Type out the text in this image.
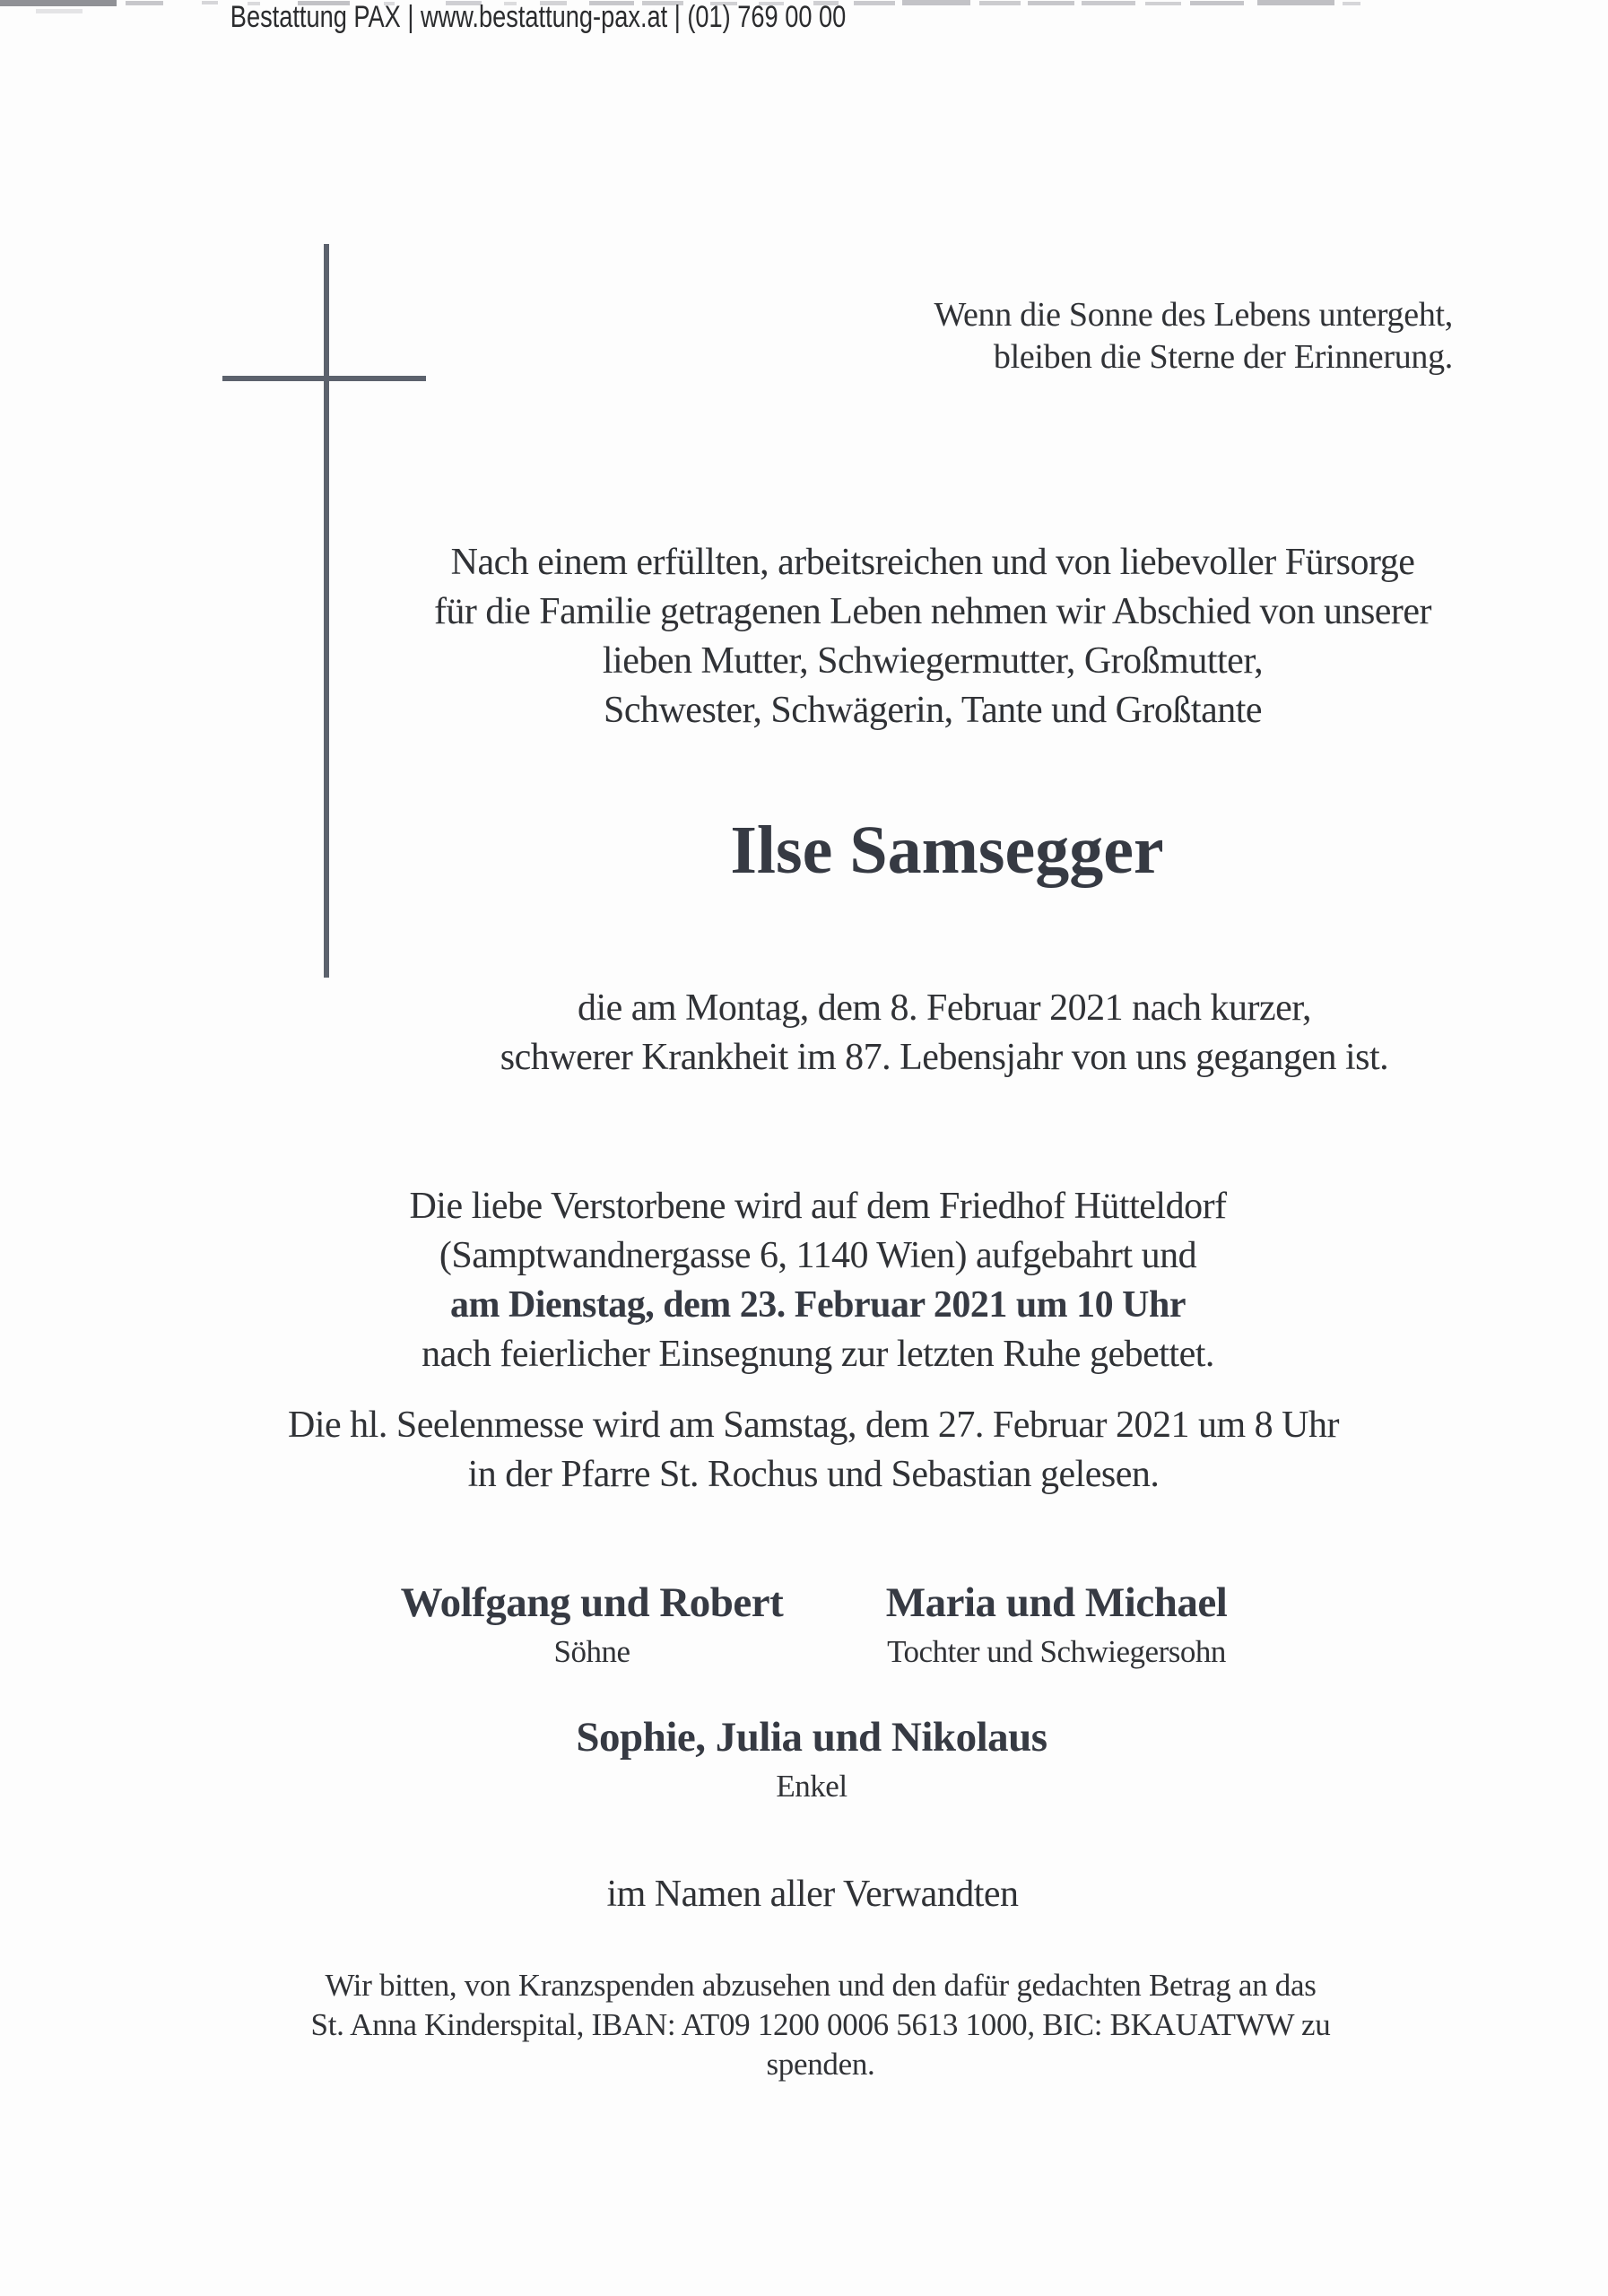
Wenn die Sonne des Lebens untergeht,
bleiben die Sterne der Erinnerung.
Nach einem erfüllten, arbeitsreichen und von liebevoller Fürsorge
für die Familie getragenen Leben nehmen wir Abschied von unserer
lieben Mutter, Schwiegermutter, Großmutter,
Schwester, Schwägerin, Tante und Großtante
Ilse Samsegger
die am Montag, dem 8. Februar 2021 nach kurzer,
schwerer Krankheit im 87. Lebensjahr von uns gegangen ist.
Die liebe Verstorbene wird auf dem Friedhof Hütteldorf
(Samptwandnergasse 6, 1140 Wien) aufgebahrt und
am Dienstag, dem 23. Februar 2021 um 10 Uhr
nach feierlicher Einsegnung zur letzten Ruhe gebettet.
Die hl. Seelenmesse wird am Samstag, dem 27. Februar 2021 um 8 Uhr
in der Pfarre St. Rochus und Sebastian gelesen.
Wolfgang und Robert
Söhne
Maria und Michael
Tochter und Schwiegersohn
Sophie, Julia und Nikolaus
Enkel
im Namen aller Verwandten
Wir bitten, von Kranzspenden abzusehen und den dafür gedachten Betrag an das
St. Anna Kinderspital, IBAN: AT09 1200 0006 5613 1000, BIC: BKAUATWW zu spenden.
Bestattung PAX | www.bestattung-pax.at | (01) 769 00 00
